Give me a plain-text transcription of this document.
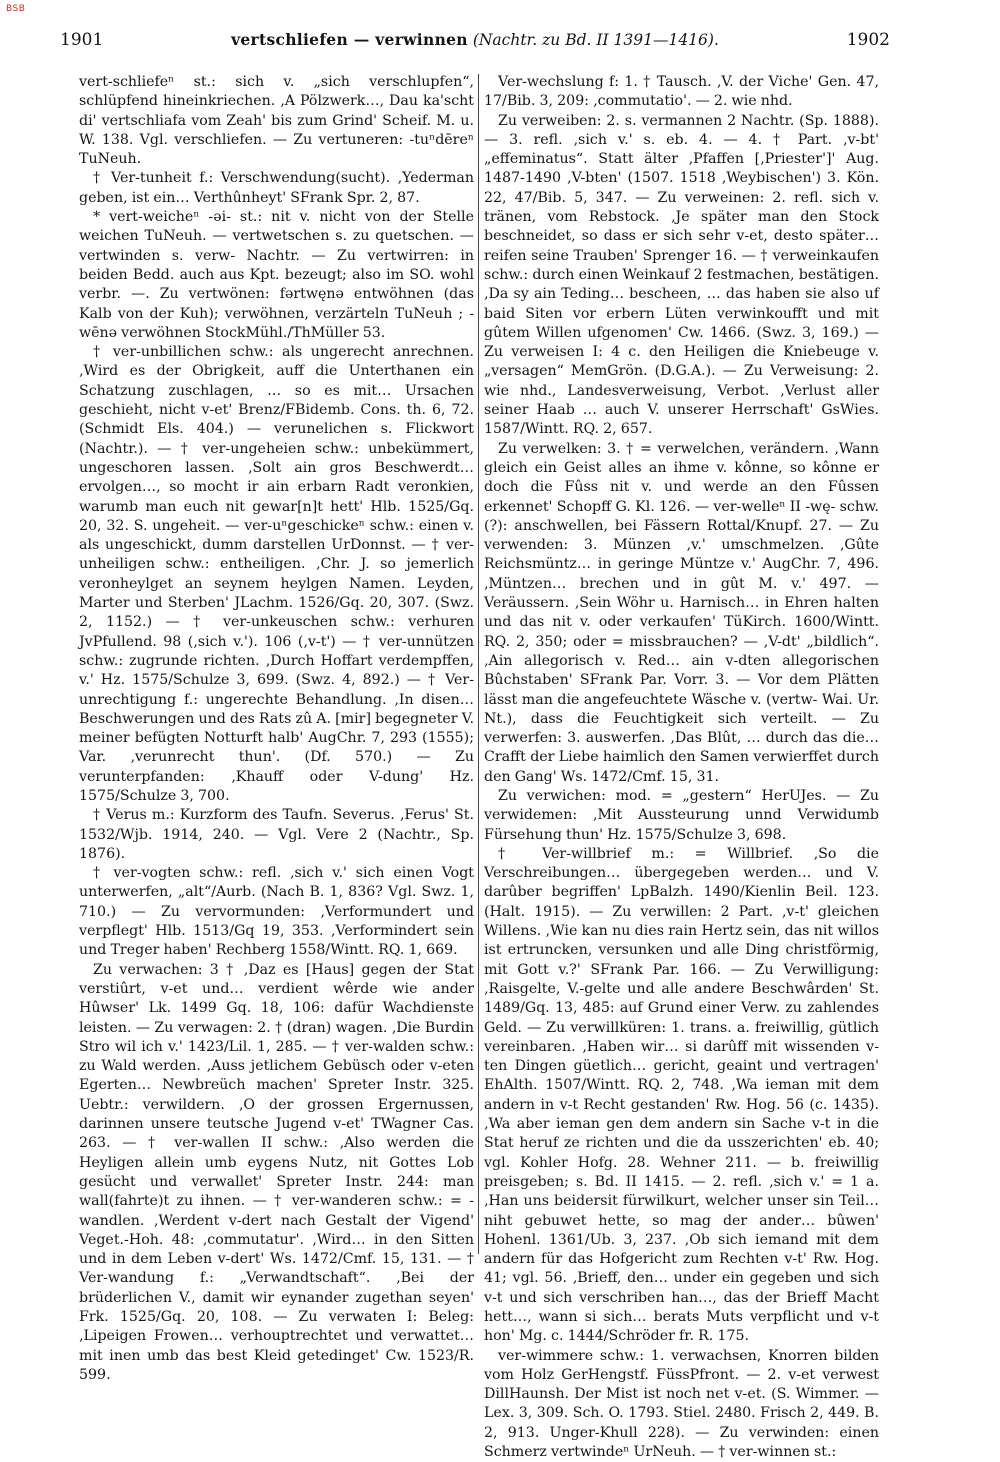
BSB
1901	vertschliefen — verwinnen (Nachtr. zu Bd. II 1391—1416).	1902

vert-schliefeⁿ st.: sich v. „sich verschlupfen“, schlüpfend hineinkriechen. ‚A Pölzwerk…, Dau ka'scht di' vertschliafa vom Zeah' bis zum Grind' Scheif. M. u. W. 138. Vgl. verschliefen. — Zu vertuneren: -tuⁿdēreⁿ TuNeuh.

† Ver-tunheit f.: Verschwendung(sucht). ‚Yederman geben, ist ein… Verthûnheyt' SFrank Spr. 2, 87.

* vert-weicheⁿ -əi- st.: nit v. nicht von der Stelle weichen TuNeuh. — vertwetschen s. zu quetschen. — vertwinden s. verw- Nachtr. — Zu vertwirren: in beiden Bedd. auch aus Kpt. bezeugt; also im SO. wohl verbr. —. Zu vertwönen: fərtwęnə entwöhnen (das Kalb von der Kuh); verwöhnen, verzärteln TuNeuh ; -wēnə verwöhnen StockMühl./ThMüller 53.

† ver-unbillichen schw.: als ungerecht anrechnen. ‚Wird es der Obrigkeit, auff die Unterthanen ein Schatzung zuschlagen, … so es mit… Ursachen geschieht, nicht v-et' Brenz/FBidemb. Cons. th. 6, 72. (Schmidt Els. 404.) — verunelichen s. Flickwort (Nachtr.). — † ver-ungeheien schw.: unbekümmert, ungeschoren lassen. ‚Solt ain gros Beschwerdt… ervolgen…, so mocht ir ain erbarn Radt veronkien, warumb man euch nit gewar[n]t hett' Hlb. 1525/Gq. 20, 32. S. ungeheit. — ver-uⁿgeschickeⁿ schw.: einen v. als ungeschickt, dumm darstellen UrDonnst. — † ver-unheiligen schw.: entheiligen. ‚Chr. J. so jemerlich veronheylget an seynem heylgen Namen. Leyden, Marter und Sterben' JLachm. 1526/Gq. 20, 307. (Swz. 2, 1152.) — † ver-unkeuschen schw.: verhuren JvPfullend. 98 (‚sich v.'). 106 (‚v-t') — † ver-unnützen schw.: zugrunde richten. ‚Durch Hoffart verdempffen, v.' Hz. 1575/Schulze 3, 699. (Swz. 4, 892.) — † Ver-unrechtigung f.: ungerechte Behandlung. ‚In disen… Beschwerungen und des Rats zû A. [mir] begegneter V. meiner befügten Notturft halb' AugChr. 7, 293 (1555); Var. ‚verunrecht thun'. (Df. 570.) — Zu verunterpfanden: ‚Khauff oder V-dung' Hz. 1575/Schulze 3, 700.

† Verus m.: Kurzform des Taufn. Severus. ‚Ferus' St. 1532/Wjb. 1914, 240. — Vgl. Vere 2 (Nachtr., Sp. 1876).

† ver-vogten schw.: refl. ‚sich v.' sich einen Vogt unterwerfen, „alt“/Aurb. (Nach B. 1, 836? Vgl. Swz. 1, 710.) — Zu vervormunden: ‚Verformundert und verpflegt' Hlb. 1513/Gq 19, 353. ‚Verformindert sein und Treger haben' Rechberg 1558/Wintt. RQ. 1, 669.

Zu verwachen: 3 † ‚Daz es [Haus] gegen der Stat verstiûrt, v-et und… verdient wêrde wie ander Hûwser' Lk. 1499 Gq. 18, 106: dafür Wachdienste leisten. — Zu verwagen: 2. † (dran) wagen. ‚Die Burdin Stro wil ich v.' 1423/Lil. 1, 285. — † ver-walden schw.: zu Wald werden. ‚Auss jetlichem Gebüsch oder v-eten Egerten… Newbreüch machen' Spreter Instr. 325. Uebtr.: verwildern. ‚O der grossen Ergernussen, darinnen unsere teutsche Jugend v-et' TWagner Cas. 263. — † ver-wallen II schw.: ‚Also werden die Heyligen allein umb eygens Nutz, nit Gottes Lob gesücht und verwallet' Spreter Instr. 244: man wall(fahrte)t zu ihnen. — † ver-wanderen schw.: = -wandlen. ‚Werdent v-dert nach Gestalt der Vigend' Veget.-Hoh. 48: ‚commutatur'. ‚Wird… in den Sitten und in dem Leben v-dert' Ws. 1472/Cmf. 15, 131. — † Ver-wandung f.: „Verwandtschaft“. ‚Bei der brüderlichen V., damit wir eynander zugethan seyen' Frk. 1525/Gq. 20, 108. — Zu verwaten I: Beleg: ‚Lipeigen Frowen… verhouptrechtet und verwattet… mit inen umb das best Kleid getedinget' Cw. 1523/R. 599.

Ver-wechslung f: 1. † Tausch. ‚V. der Viche' Gen. 47, 17/Bib. 3, 209: ‚commutatio'. — 2. wie nhd.

Zu verweiben: 2. s. vermannen 2 Nachtr. (Sp. 1888). — 3. refl. ‚sich v.' s. eb. 4. — 4. † Part. ‚v-bt' „effeminatus“. Statt älter ‚Pfaffen [‚Priester']' Aug. 1487-1490 ‚V-bten' (1507. 1518 ‚Weybischen') 3. Kön. 22, 47/Bib. 5, 347. — Zu verweinen: 2. refl. sich v. tränen, vom Rebstock. ‚Je später man den Stock beschneidet, so dass er sich sehr v-et, desto später… reifen seine Trauben' Sprenger 16. — † verweinkaufen schw.: durch einen Weinkauf 2 festmachen, bestätigen. ‚Da sy ain Teding… bescheen, … das haben sie also uf baid Siten vor erbern Lüten verwinkoufft und mit gûtem Willen ufgenomen' Cw. 1466. (Swz. 3, 169.) — Zu verweisen I: 4 c. den Heiligen die Kniebeuge v. „versagen“ MemGrön. (D.G.A.). — Zu Verweisung: 2. wie nhd., Landesverweisung, Verbot. ‚Verlust aller seiner Haab … auch V. unserer Herrschaft' GsWies. 1587/Wintt. RQ. 2, 657.

Zu verwelken: 3. † = verwelchen, verändern. ‚Wann gleich ein Geist alles an ihme v. kônne, so kônne er doch die Fûss nit v. und werde an den Fûssen erkennet' Schopff G. Kl. 126. — ver-welleⁿ II -wę- schw. (?): anschwellen, bei Fässern Rottal/Knupf. 27. — Zu verwenden: 3. Münzen ‚v.' umschmelzen. ‚Gûte Reichsmüntz… in geringe Müntze v.' AugChr. 7, 496. ‚Müntzen… brechen und in gût M. v.' 497. — Veräussern. ‚Sein Wöhr u. Harnisch… in Ehren halten und das nit v. oder verkaufen' TüKirch. 1600/Wintt. RQ. 2, 350; oder = missbrauchen? — ‚V-dt' „bildlich“. ‚Ain allegorisch v. Red… ain v-dten allegorischen Bûchstaben' SFrank Par. Vorr. 3. — Vor dem Plätten lässt man die angefeuchtete Wäsche v. (vertw- Wai. Ur. Nt.), dass die Feuchtigkeit sich verteilt. — Zu verwerfen: 3. auswerfen. ‚Das Blût, … durch das die… Crafft der Liebe haimlich den Samen verwierffet durch den Gang' Ws. 1472/Cmf. 15, 31.

Zu verwichen: mod. = „gestern“ HerUJes. — Zu verwidemen: ‚Mit Aussteurung unnd Verwidumb Fürsehung thun' Hz. 1575/Schulze 3, 698.

† Ver-willbrief m.: = Willbrief. ‚So die Verschreibungen… übergegeben werden… und V. darûber begriffen' LpBalzh. 1490/Kienlin Beil. 123. (Halt. 1915). — Zu verwillen: 2 Part. ‚v-t' gleichen Willens. ‚Wie kan nu dies rain Hertz sein, das nit willos ist ertruncken, versunken und alle Ding christförmig, mit Gott v.?' SFrank Par. 166. — Zu Verwilligung: ‚Raisgelte, V.-gelte und alle andere Beschwârden' St. 1489/Gq. 13, 485: auf Grund einer Verw. zu zahlendes Geld. — Zu verwillküren: 1. trans. a. freiwillig, gütlich vereinbaren. ‚Haben wir… si darûff mit wissenden v-ten Dingen güetlich… gericht, geaint und vertragen' EhAlth. 1507/Wintt. RQ. 2, 748. ‚Wa ieman mit dem andern in v-t Recht gestanden' Rw. Hog. 56 (c. 1435). ‚Wa aber ieman gen dem andern sin Sache v-t in die Stat heruf ze richten und die da usszerichten' eb. 40; vgl. Kohler Hofg. 28. Wehner 211. — b. freiwillig preisgeben; s. Bd. II 1415. — 2. refl. ‚sich v.' = 1 a. ‚Han uns beidersit fürwilkurt, welcher unser sin Teil… niht gebuwet hette, so mag der ander… bûwen' Hohenl. 1361/Ub. 3, 237. ‚Ob sich iemand mit dem andern für das Hofgericht zum Rechten v-t' Rw. Hog. 41; vgl. 56. ‚Brieff, den… under ein gegeben und sich v-t und sich verschriben han…, das der Brieff Macht hett…, wann si sich… berats Muts verpflicht und v-t hon' Mg. c. 1444/Schröder fr. R. 175.

ver-wimmere schw.: 1. verwachsen, Knorren bilden vom Holz GerHengstf. FüssPfront. — 2. v-et verwest DillHaunsh. Der Mist ist noch net v-et. (S. Wimmer. — Lex. 3, 309. Sch. O. 1793. Stiel. 2480. Frisch 2, 449. B. 2, 913. Unger-Khull 228). — Zu verwinden: einen Schmerz vertwindeⁿ UrNeuh. — † ver-winnen st.:
